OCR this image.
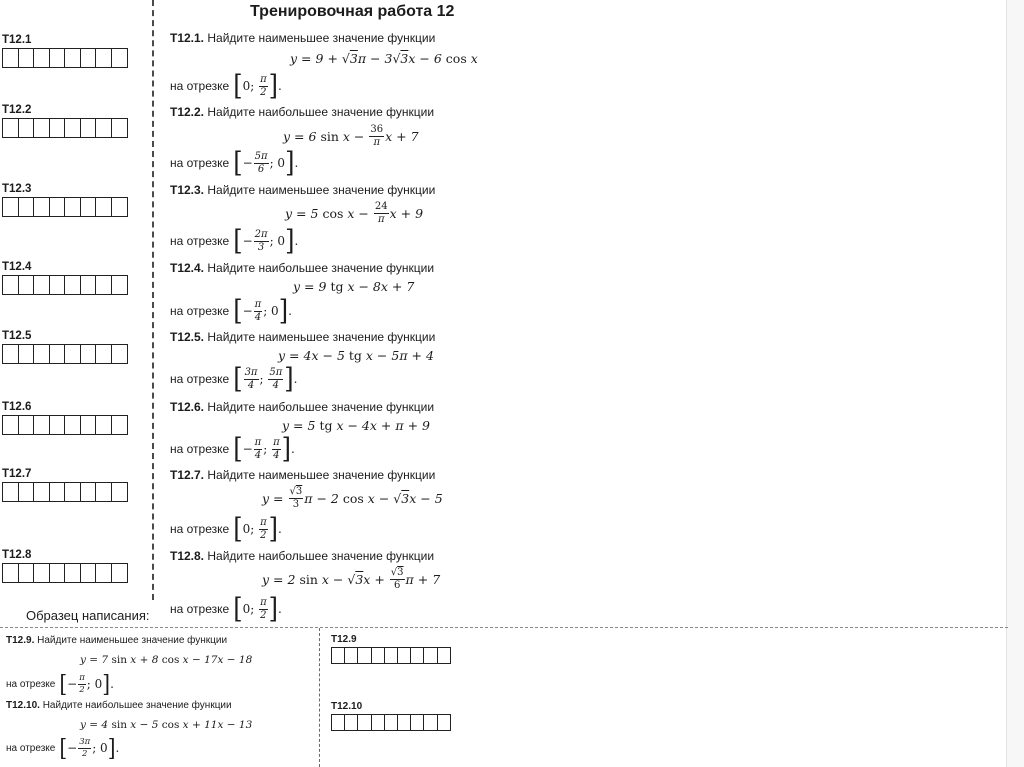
Тренировочная работа 12
T12.1
T12.2
T12.3
T12.4
T12.5
T12.6
T12.7
T12.8
T12.1. Найдите наименьшее значение функции
y = 9 + √3π − 3√3x − 6 cos x
на отрезке [ 0; π
2 ] .
T12.2. Найдите наибольшее значение функции
y = 6 sin x −
$\frac{36}{\pi}$ x + 7
на отрезке [ − 5π
6 ; 0 ] .
T12.3. Найдите наименьшее значение функции
y = 5 cos x −
$\frac{24}{\pi}$ x + 9
на отрезке [ − 2π
3 ; 0 ] .
T12.4. Найдите наибольшее значение функции
y = 9 tg x − 8x + 7
на отрезке [ − π
4 ; 0 ] .
T12.5. Найдите наименьшее значение функции
y = 4x − 5 tg x − 5π + 4
на отрезке [ 3π
4 ; 5π
4 ] .
T12.6. Найдите наибольшее значение функции
y = 5 tg x − 4x + π + 9
на отрезке [ − π
4 ; π
4 ] .
T12.7. Найдите наименьшее значение функции
y =
$\frac{√3}{3}$ π − 2 cos x − √ 3 x − 5
на отрезке [ 0; π
2 ] .
T12.8. Найдите наибольшее значение функции
y = 2 sin x − √ 3 x +
$\frac{√3}{6}$ π + 7
на отрезке [ 0; π
2 ] .
Образец написания:
T12.9. Найдите наименьшее значение функции
y = 7 sin x + 8 cos x − 17x − 18
на отрезке [ − π
2 ; 0 ] .
T12.10. Найдите наибольшее значение функции
y = 4 sin x − 5 cos x + 11x − 13
на отрезке [ − 3π
2 ; 0 ] .
T12.9
T12.10
